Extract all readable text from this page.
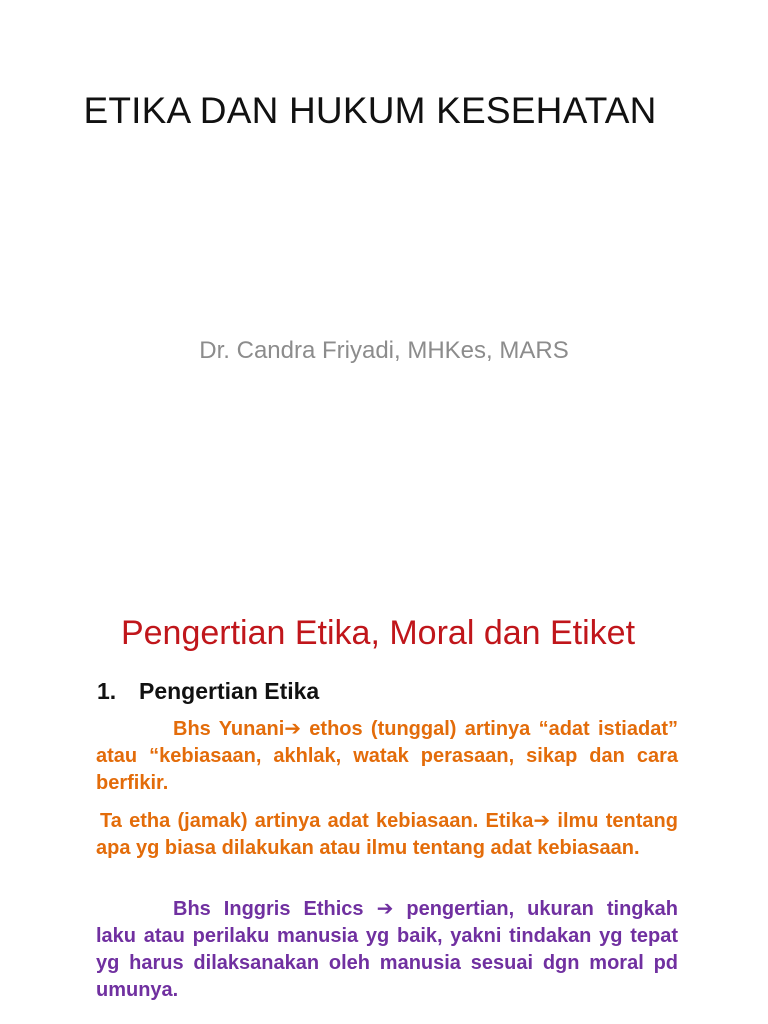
ETIKA DAN HUKUM KESEHATAN
Dr. Candra Friyadi, MHKes, MARS
Pengertian Etika, Moral dan Etiket
1. Pengertian Etika
Bhs Yunani➔ ethos (tunggal) artinya “adat istiadat” atau “kebiasaan, akhlak, watak perasaan, sikap dan cara berfikir.
Ta etha (jamak) artinya adat kebiasaan. Etika➔ ilmu tentang apa yg biasa dilakukan atau ilmu tentang adat kebiasaan.
Bhs Inggris Ethics ➔ pengertian, ukuran tingkah laku atau perilaku manusia yg baik, yakni tindakan yg tepat yg harus dilaksanakan oleh manusia sesuai dgn moral pd umunya.
